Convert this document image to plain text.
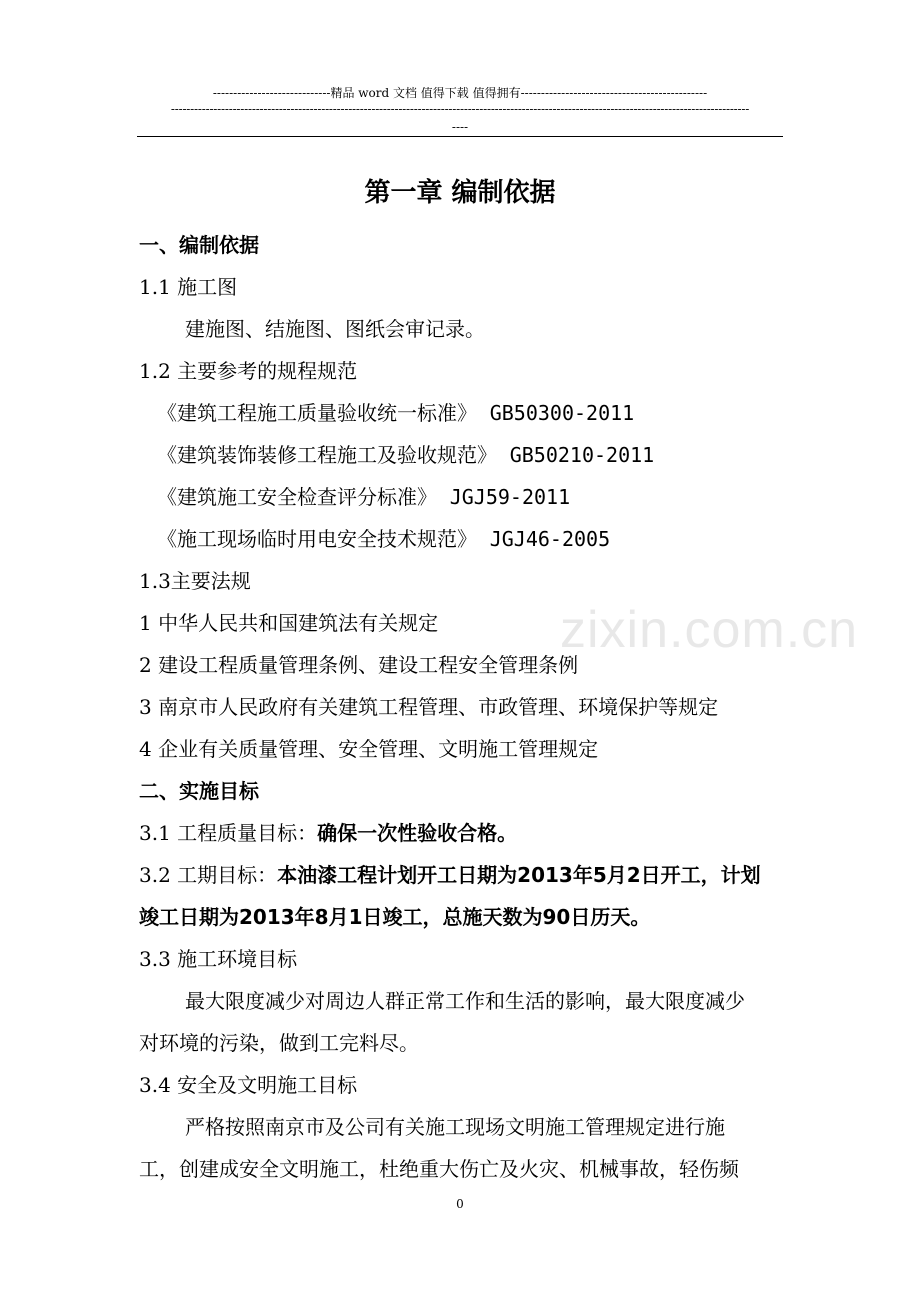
-----------------------------精品 word 文档 值得下载 值得拥有----------------------------------------------
------------------------------------------------------------------------------------------------------------------------------------------------------
----
zixin.com.cn
第一章 编制依据
一、编制依据
1.1 施工图
建施图、结施图、图纸会审记录。
1.2 主要参考的规程规范
《建筑工程施工质量验收统一标准》 GB50300-2011
《建筑装饰装修工程施工及验收规范》 GB50210-2011
《建筑施工安全检查评分标准》 JGJ59-2011
《施工现场临时用电安全技术规范》 JGJ46-2005
1.3主要法规
1 中华人民共和国建筑法有关规定
2 建设工程质量管理条例、建设工程安全管理条例
3 南京市人民政府有关建筑工程管理、市政管理、环境保护等规定
4 企业有关质量管理、安全管理、文明施工管理规定
二、实施目标
3.1 工程质量目标：确保一次性验收合格。
3.2 工期目标：本油漆工程计划开工日期为2013年5月2日开工，计划
竣工日期为2013年8月1日竣工，总施天数为90日历天。
3.3 施工环境目标
最大限度减少对周边人群正常工作和生活的影响，最大限度减少
对环境的污染，做到工完料尽。
3.4 安全及文明施工目标
严格按照南京市及公司有关施工现场文明施工管理规定进行施
工，创建成安全文明施工，杜绝重大伤亡及火灾、机械事故，轻伤频
0
